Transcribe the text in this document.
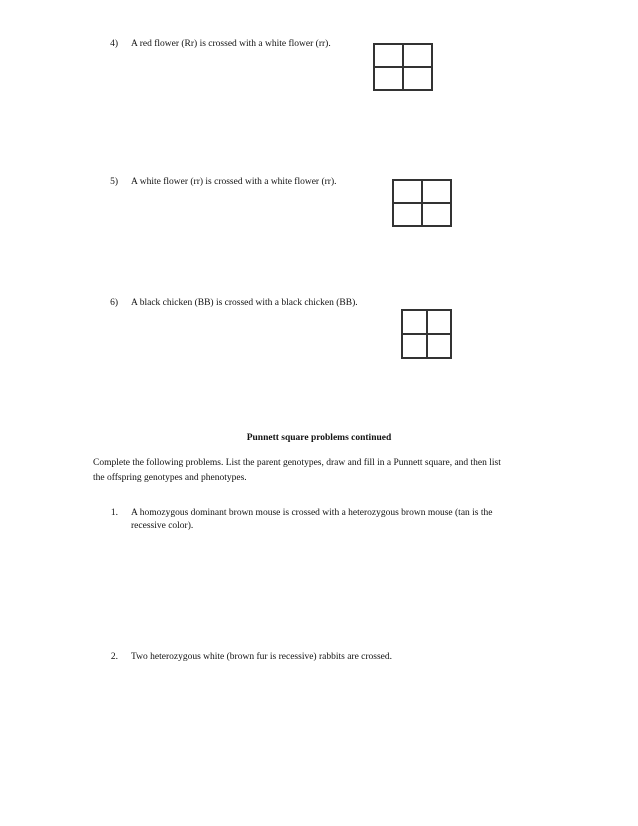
4) A red flower (Rr) is crossed with a white flower (rr).
5) A white flower (rr) is crossed with a white flower (rr).
6) A black chicken (BB) is crossed with a black chicken (BB).
Punnett square problems continued
Complete the following problems. List the parent genotypes, draw and fill in a Punnett square, and then list
the offspring genotypes and phenotypes.
1. A homozygous dominant brown mouse is crossed with a heterozygous brown mouse (tan is the
recessive color).
2. Two heterozygous white (brown fur is recessive) rabbits are crossed.
